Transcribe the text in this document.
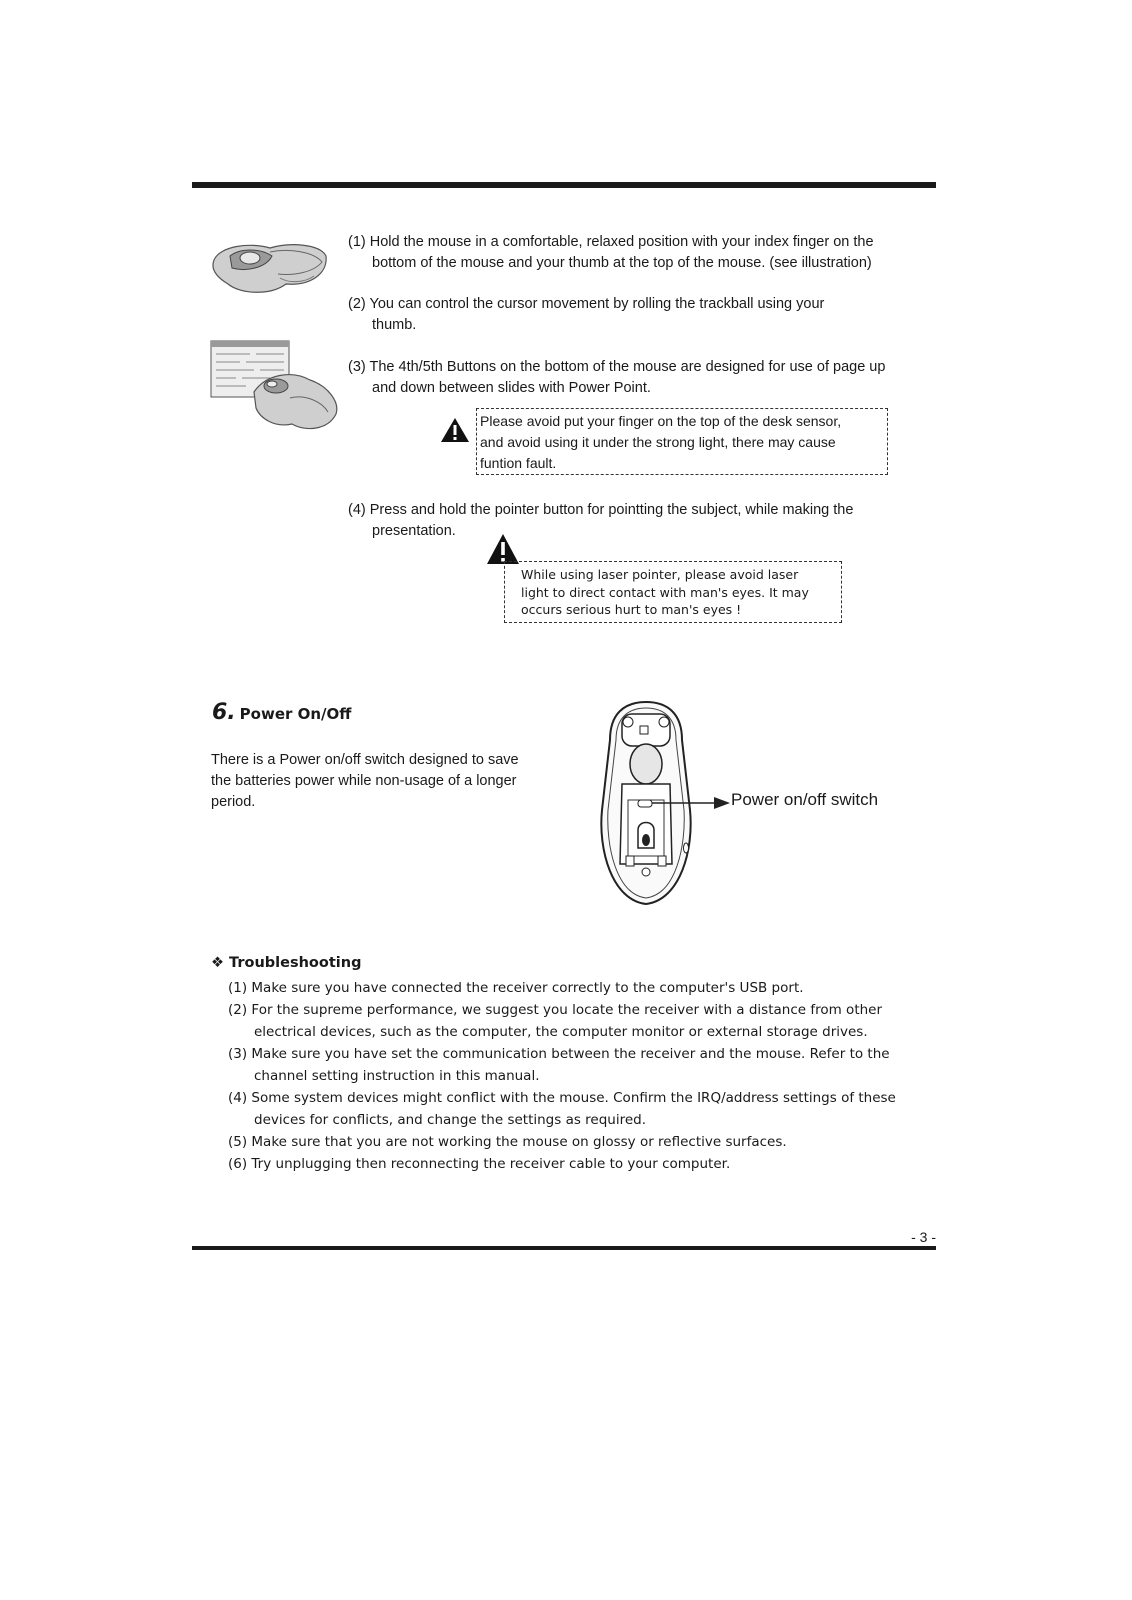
(1) Hold the mouse in a comfortable, relaxed position with your index finger on the
bottom of the mouse and your thumb at the top of the mouse. (see illustration)
(2) You can control the cursor movement by rolling the trackball using your
thumb.
(3) The 4th/5th Buttons on the bottom of the mouse are designed for use of page up
and down between slides with Power Point.
Please avoid put your finger on the top of the desk sensor,
and avoid using it under the strong light, there may cause
funtion fault.
(4) Press and hold the pointer button for pointting the subject, while making the
presentation.
While using laser pointer, please avoid laser
light to direct contact with man's eyes. It may
occurs serious hurt to man's eyes !
6. Power On/Off
There is a Power on/off switch designed to save
the batteries power while non-usage of a longer
period.	Power on/off switch
❖ Troubleshooting
(1) Make sure you have connected the receiver correctly to the computer's USB port.
(2) For the supreme performance, we suggest you locate the receiver with a distance from other electrical devices, such as the computer, the computer monitor or external storage drives.
(3) Make sure you have set the communication between the receiver and the mouse. Refer to the channel setting instruction in this manual.
(4) Some system devices might conflict with the mouse. Confirm the IRQ/address settings of these devices for conflicts, and change the settings as required.
(5) Make sure that you are not working the mouse on glossy or reflective surfaces.
(6) Try unplugging then reconnecting the receiver cable to your computer.
- 3 -
